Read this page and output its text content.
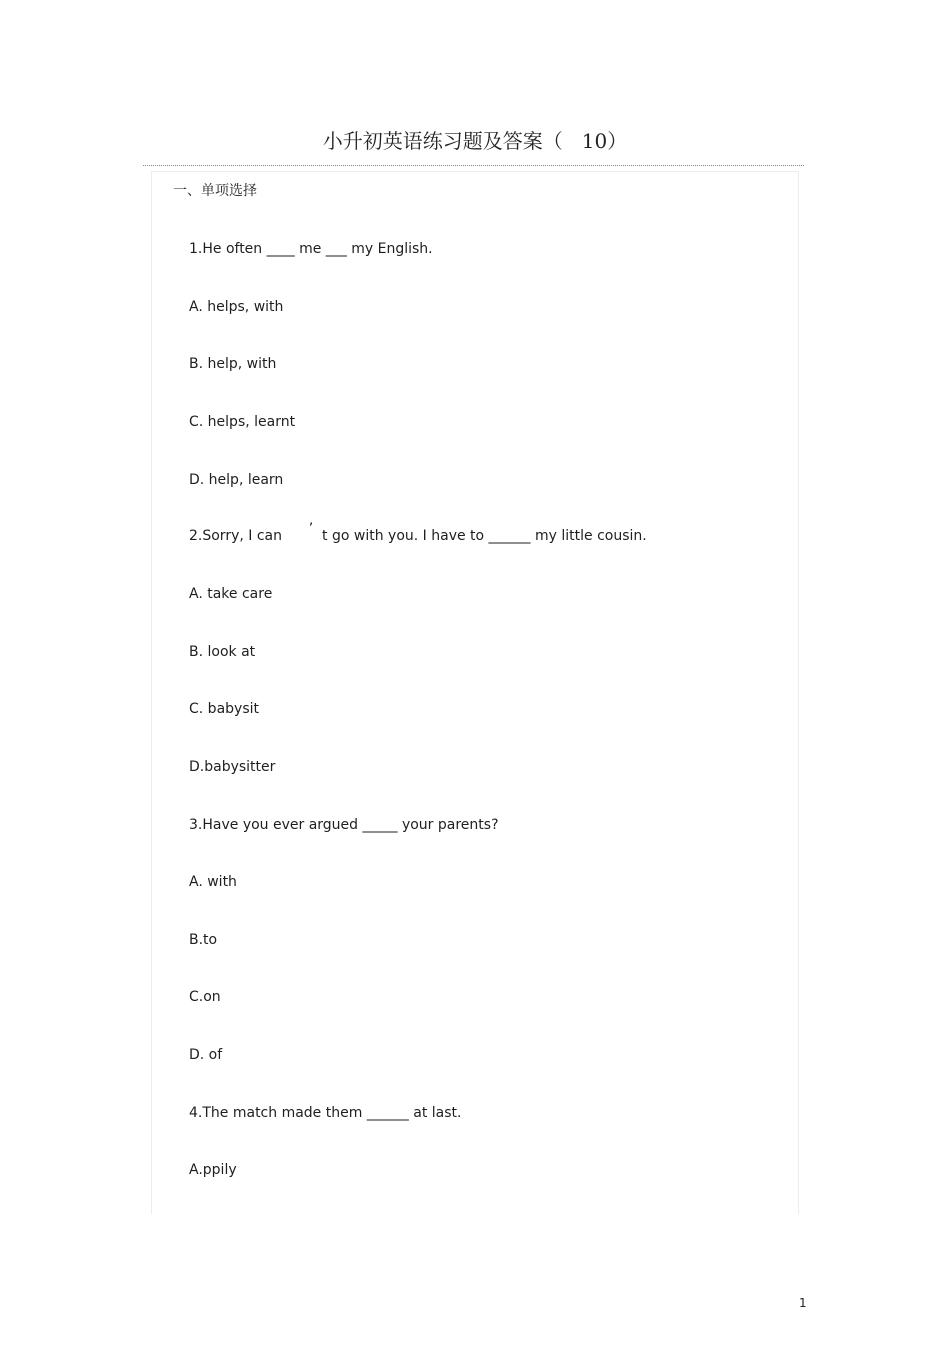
小升初英语练习题及答案（   10）
一、单项选择
1.He often ____ me ___ my English.
A. helps, with
B. help, with
C. helps, learnt
D. help, learn
2.Sorry, I can      ’  t go with you. I have to ______ my little cousin.
A. take care
B. look at
C. babysit
D.babysitter
3.Have you ever argued _____ your parents?
A. with
B.to
C.on
D. of
4.The match made them ______ at last.
A.ppily
1
